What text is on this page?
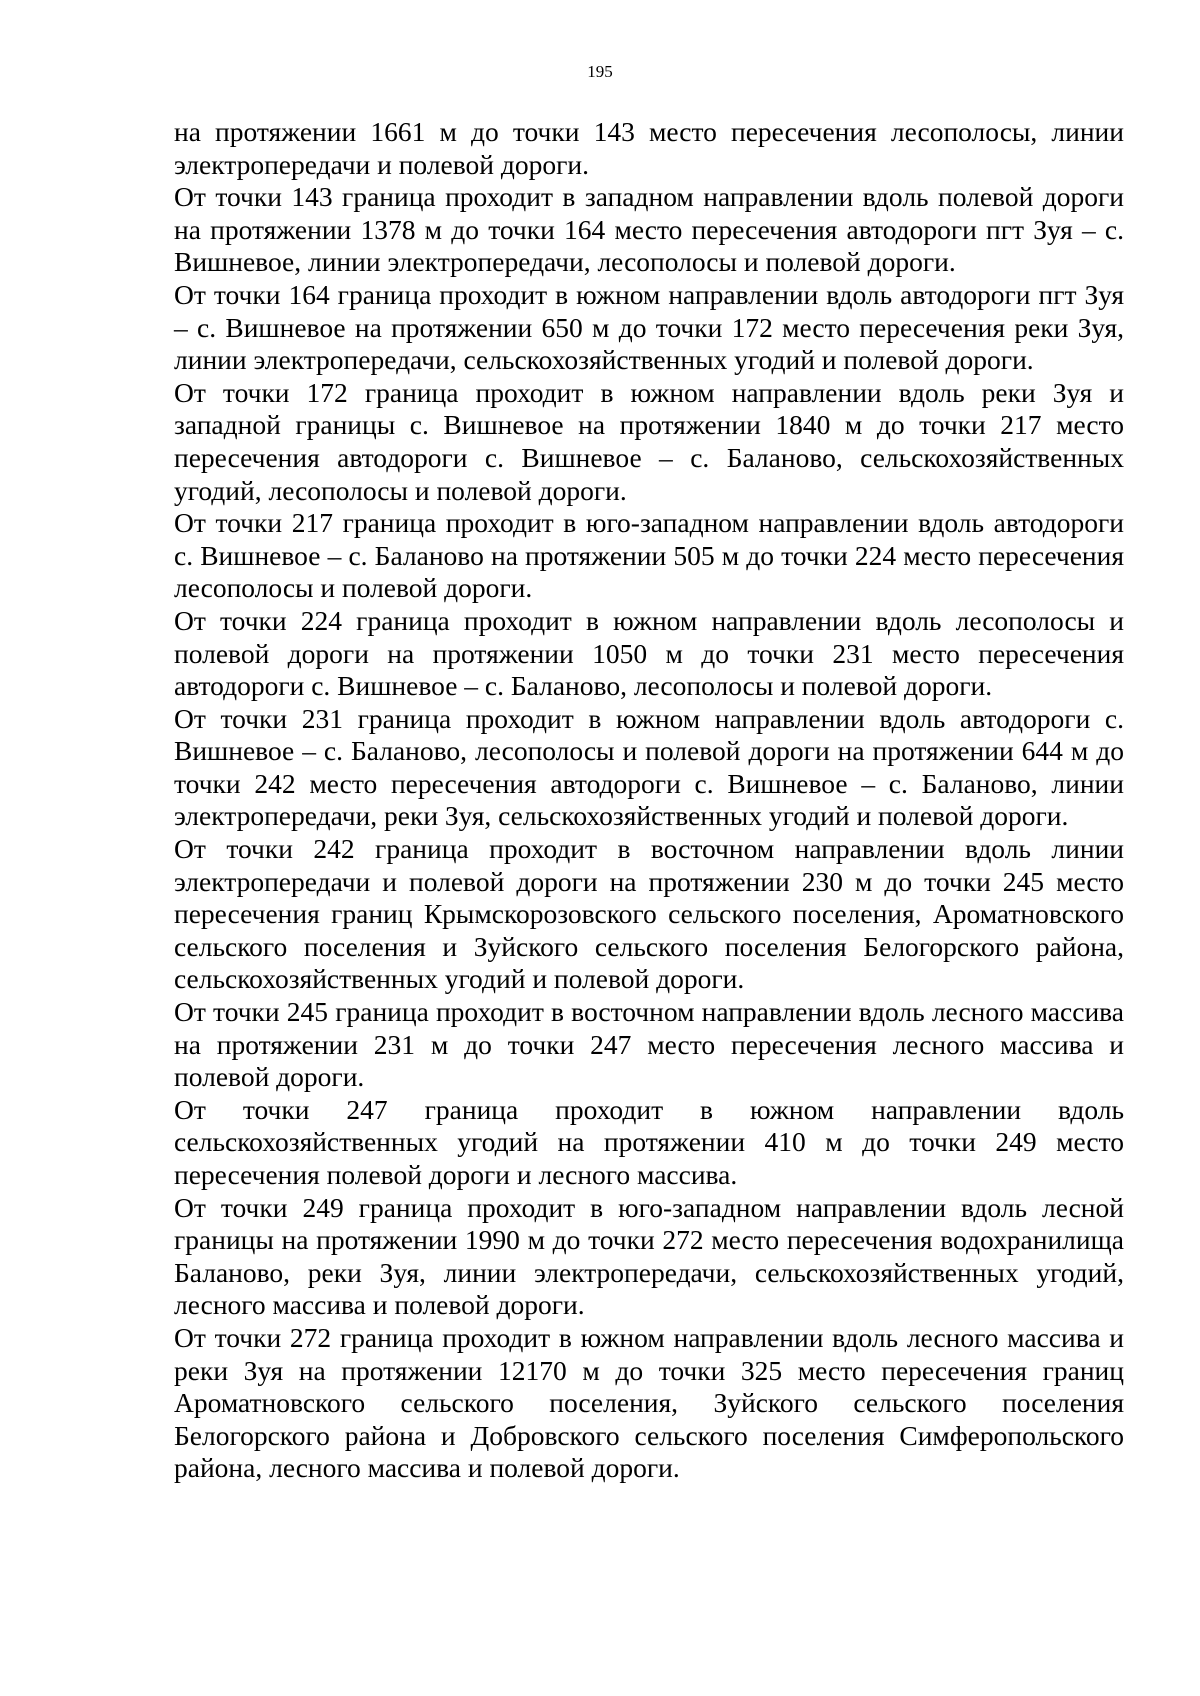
195

на протяжении 1661 м до точки 143 место пересечения лесополосы, линии электропередачи и полевой дороги.

От точки 143 граница проходит в западном направлении вдоль полевой дороги на протяжении 1378 м до точки 164 место пересечения автодороги пгт Зуя – с. Вишневое, линии электропередачи, лесополосы и полевой дороги.

От точки 164 граница проходит в южном направлении вдоль автодороги пгт Зуя – с. Вишневое на протяжении 650 м до точки 172 место пересечения реки Зуя, линии электропередачи, сельскохозяйственных угодий и полевой дороги.

От точки 172 граница проходит в южном направлении вдоль реки Зуя и западной границы с. Вишневое на протяжении 1840 м до точки 217 место пересечения автодороги с. Вишневое – с. Баланово, сельскохозяйственных угодий, лесополосы и полевой дороги.

От точки 217 граница проходит в юго-западном направлении вдоль автодороги с. Вишневое – с. Баланово на протяжении 505 м до точки 224 место пересечения лесополосы и полевой дороги.

От точки 224 граница проходит в южном направлении вдоль лесополосы и полевой дороги на протяжении 1050 м до точки 231 место пересечения автодороги с. Вишневое – с. Баланово, лесополосы и полевой дороги.

От точки 231 граница проходит в южном направлении вдоль автодороги с. Вишневое – с. Баланово, лесополосы и полевой дороги на протяжении 644 м до точки 242 место пересечения автодороги с. Вишневое – с. Баланово, линии электропередачи, реки Зуя, сельскохозяйственных угодий и полевой дороги.

От точки 242 граница проходит в восточном направлении вдоль линии электропередачи и полевой дороги на протяжении 230 м до точки 245 место пересечения границ Крымскорозовского сельского поселения, Ароматновского сельского поселения и Зуйского сельского поселения Белогорского района, сельскохозяйственных угодий и полевой дороги.

От точки 245 граница проходит в восточном направлении вдоль лесного массива на протяжении 231 м до точки 247 место пересечения лесного массива и полевой дороги.

От точки 247 граница проходит в южном направлении вдоль сельскохозяйственных угодий на протяжении 410 м до точки 249 место пересечения полевой дороги и лесного массива.

От точки 249 граница проходит в юго-западном направлении вдоль лесной границы на протяжении 1990 м до точки 272 место пересечения водохранилища Баланово, реки Зуя, линии электропередачи, сельскохозяйственных угодий, лесного массива и полевой дороги.

От точки 272 граница проходит в южном направлении вдоль лесного массива и реки Зуя на протяжении 12170 м до точки 325 место пересечения границ Ароматновского сельского поселения, Зуйского сельского поселения Белогорского района и Добровского сельского поселения Симферопольского района, лесного массива и полевой дороги.
